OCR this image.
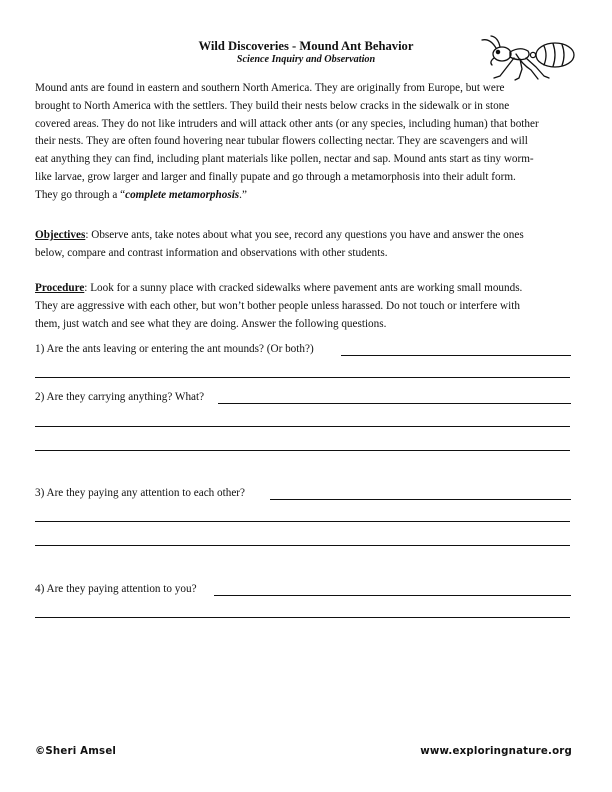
Wild Discoveries - Mound Ant Behavior
Science Inquiry and Observation
Mound ants are found in eastern and southern North America. They are originally from Europe, but were
brought to North America with the settlers. They build their nests below cracks in the sidewalk or in stone
covered areas. They do not like intruders and will attack other ants (or any species, including human) that bother
their nests. They are often found hovering near tubular flowers collecting nectar. They are scavengers and will
eat anything they can find, including plant materials like pollen, nectar and sap. Mound ants start as tiny worm-
like larvae, grow larger and larger and finally pupate and go through a metamorphosis into their adult form.
They go through a “complete metamorphosis.”
Objectives: Observe ants, take notes about what you see, record any questions you have and answer the ones
below, compare and contrast information and observations with other students.
Procedure: Look for a sunny place with cracked sidewalks where pavement ants are working small mounds.
They are aggressive with each other, but won’t bother people unless harassed. Do not touch or interfere with
them, just watch and see what they are doing. Answer the following questions.
1) Are the ants leaving or entering the ant mounds? (Or both?)
2) Are they carrying anything? What?
3) Are they paying any attention to each other?
4) Are they paying attention to you?
©Sheri Amsel	www.exploringnature.org
